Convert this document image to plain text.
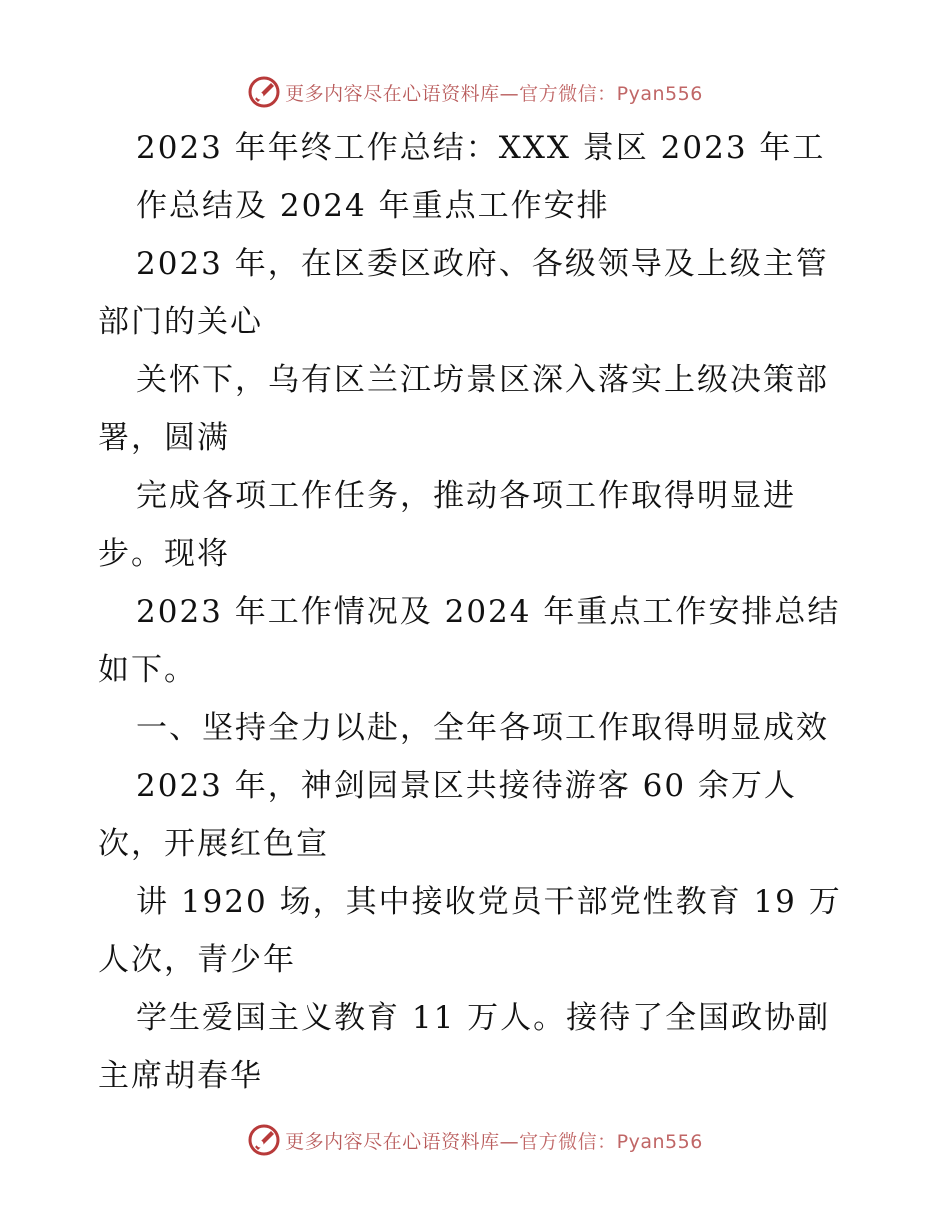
更多内容尽在心语资料库—官方微信：Pyan556
2023 年年终工作总结：XXX 景区 2023 年工
作总结及 2024 年重点工作安排
2023 年，在区委区政府、各级领导及上级主管
部门的关心
关怀下，乌有区兰江坊景区深入落实上级决策部
署，圆满
完成各项工作任务，推动各项工作取得明显进
步。现将
2023 年工作情况及 2024 年重点工作安排总结
如下。
一、坚持全力以赴，全年各项工作取得明显成效
2023 年，神剑园景区共接待游客 60 余万人
次，开展红色宣
讲 1920 场，其中接收党员干部党性教育 19 万
人次，青少年
学生爱国主义教育 11 万人。接待了全国政协副
主席胡春华
更多内容尽在心语资料库—官方微信：Pyan556
